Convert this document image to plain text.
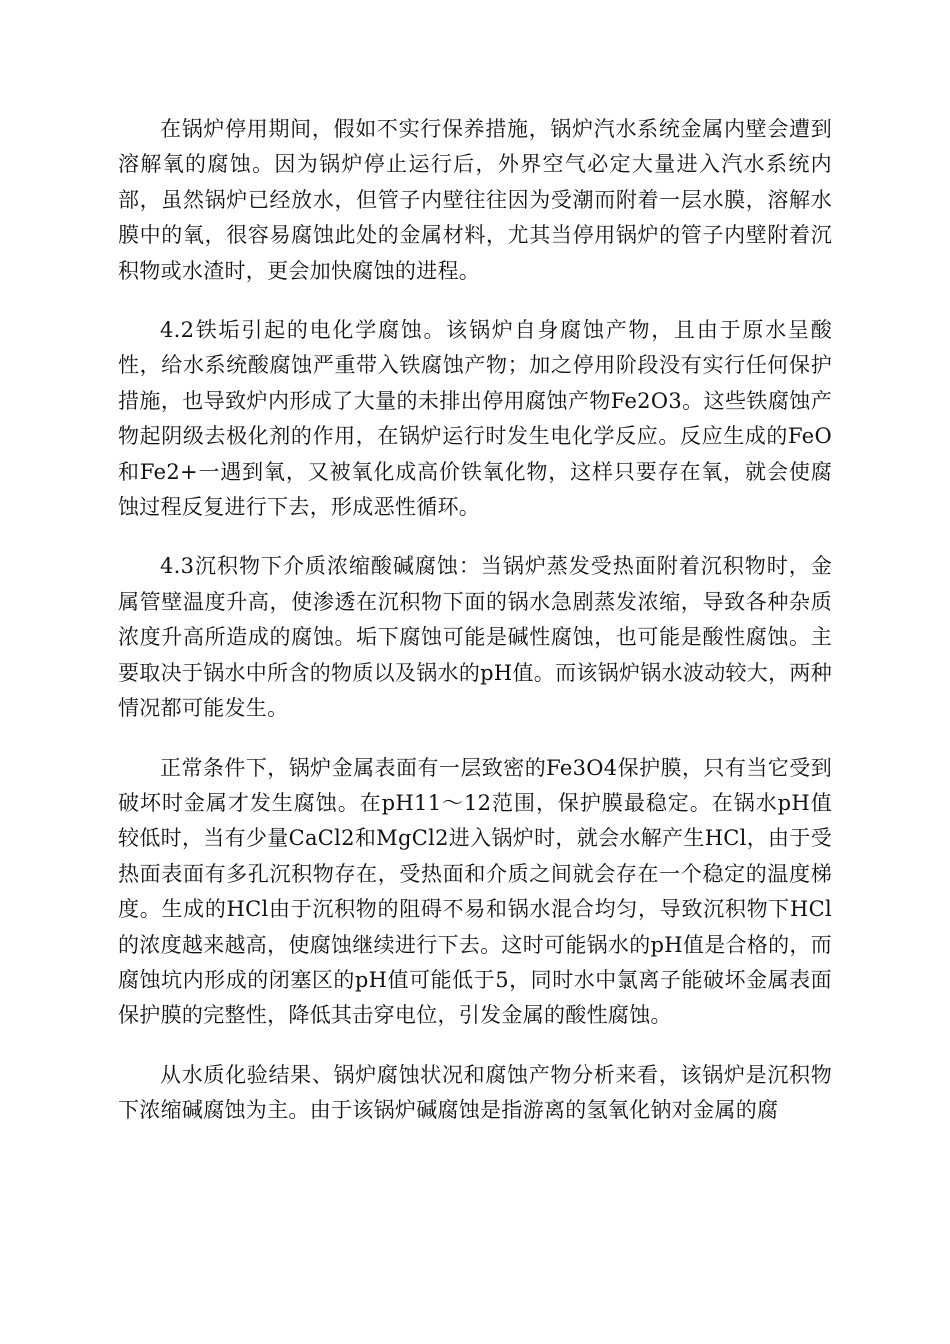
在锅炉停用期间，假如不实行保养措施，锅炉汽水系统金属内壁会遭到溶解氧的腐蚀。因为锅炉停止运行后，外界空气必定大量进入汽水系统内部，虽然锅炉已经放水，但管子内壁往往因为受潮而附着一层水膜，溶解水膜中的氧，很容易腐蚀此处的金属材料，尤其当停用锅炉的管子内壁附着沉积物或水渣时，更会加快腐蚀的进程。

4.2铁垢引起的电化学腐蚀。该锅炉自身腐蚀产物，且由于原水呈酸性，给水系统酸腐蚀严重带入铁腐蚀产物；加之停用阶段没有实行任何保护措施，也导致炉内形成了大量的未排出停用腐蚀产物Fe2O3。这些铁腐蚀产物起阴级去极化剂的作用，在锅炉运行时发生电化学反应。反应生成的FeO和Fe2+一遇到氧，又被氧化成高价铁氧化物，这样只要存在氧，就会使腐蚀过程反复进行下去，形成恶性循环。

4.3沉积物下介质浓缩酸碱腐蚀：当锅炉蒸发受热面附着沉积物时，金属管壁温度升高，使渗透在沉积物下面的锅水急剧蒸发浓缩，导致各种杂质浓度升高所造成的腐蚀。垢下腐蚀可能是碱性腐蚀，也可能是酸性腐蚀。主要取决于锅水中所含的物质以及锅水的pH值。而该锅炉锅水波动较大，两种情况都可能发生。

正常条件下，锅炉金属表面有一层致密的Fe3O4保护膜，只有当它受到破坏时金属才发生腐蚀。在pH11～12范围，保护膜最稳定。在锅水pH值较低时，当有少量CaCl2和MgCl2进入锅炉时，就会水解产生HCl，由于受热面表面有多孔沉积物存在，受热面和介质之间就会存在一个稳定的温度梯度。生成的HCl由于沉积物的阻碍不易和锅水混合均匀，导致沉积物下HCl的浓度越来越高，使腐蚀继续进行下去。这时可能锅水的pH值是合格的，而腐蚀坑内形成的闭塞区的pH值可能低于5，同时水中氯离子能破坏金属表面保护膜的完整性，降低其击穿电位，引发金属的酸性腐蚀。

从水质化验结果、锅炉腐蚀状况和腐蚀产物分析来看，该锅炉是沉积物下浓缩碱腐蚀为主。由于该锅炉碱腐蚀是指游离的氢氧化钠对金属的腐
